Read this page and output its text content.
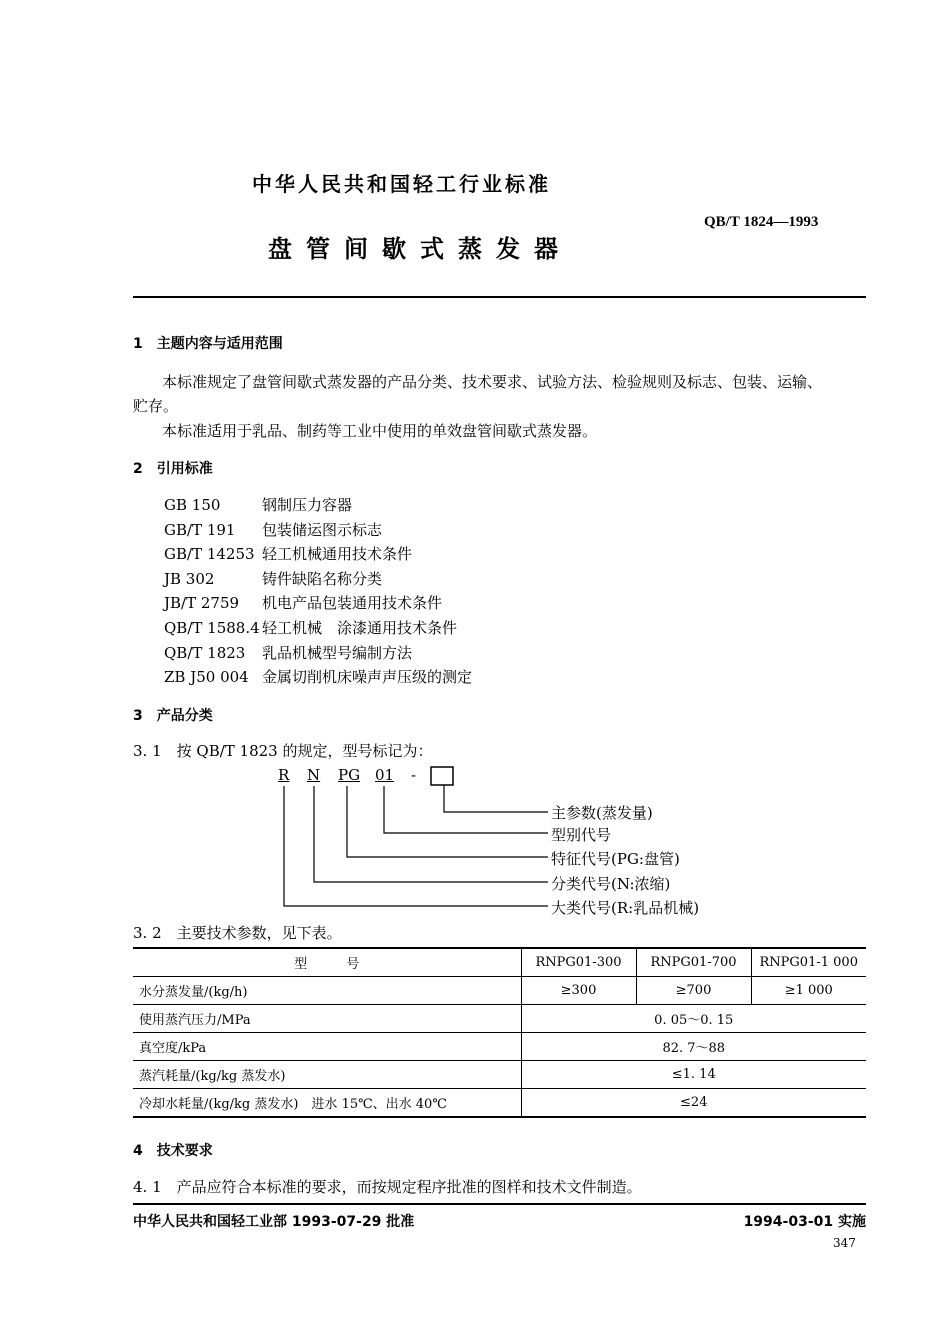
中华人民共和国轻工行业标准
盘管间歇式蒸发器
QB/T 1824—1993
1　主题内容与适用范围
本标准规定了盘管间歇式蒸发器的产品分类、技术要求、试验方法、检验规则及标志、包装、运输、
贮存。
本标准适用于乳品、制药等工业中使用的单效盘管间歇式蒸发器。
2　引用标准
GB 150	钢制压力容器
GB/T 191 包装储运图示标志
GB/T 14253 轻工机械通用技术条件
JB 302	铸件缺陷名称分类
JB/T 2759 机电产品包装通用技术条件
QB/T 1588.4 轻工机械　涂漆通用技术条件
QB/T 1823 乳品机械型号编制方法
ZB J50 004 金属切削机床噪声声压级的测定
3　产品分类
3. 1　按 QB/T 1823 的规定，型号标记为：
R N PG 01 -
主参数(蒸发量)
型别代号
特征代号(PG:盘管)
分类代号(N:浓缩)
大类代号(R:乳品机械)
3. 2　主要技术参数，见下表。
型　　　号	RNPG01-300	RNPG01-700	RNPG01-1 000
水分蒸发量/(kg/h)	≥300	≥700	≥1 000
使用蒸汽压力/MPa	0. 05～0. 15		
真空度/kPa	82. 7～88		
蒸汽耗量/(kg/kg 蒸发水)	≤1. 14		
冷却水耗量/(kg/kg 蒸发水)　进水 15℃、出水 40℃	≤24		
4　技术要求
4. 1　产品应符合本标准的要求，而按规定程序批准的图样和技术文件制造。
中华人民共和国轻工业部 1993-07-29 批准	1994-03-01 实施
347
